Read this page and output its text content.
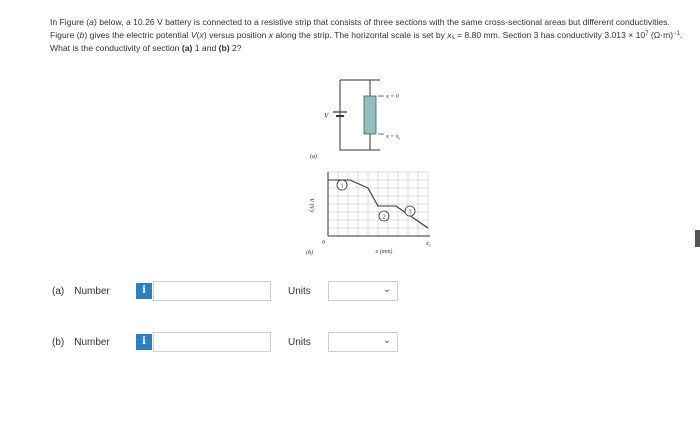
In Figure (a) below, a 10.26 V battery is connected to a resistive strip that consists of three sections with the same cross-sectional areas but different conductivities. Figure (b) gives the electric potential V(x) versus position x along the strip. The horizontal scale is set by $x_s = 8.80$ mm. Section 3 has conductivity $3.013 \times 10^7$ $(\Omega\cdot m)^{-1}$. What is the conductivity of section (a) 1 and (b) 2?
V
x = 0
$x = x_s$
(a)
1
2
3
V (V)
0
x (mm)
$x_s$
(b)
(a) Number	i	Units	⌄
(b) Number	i	Units	⌄
